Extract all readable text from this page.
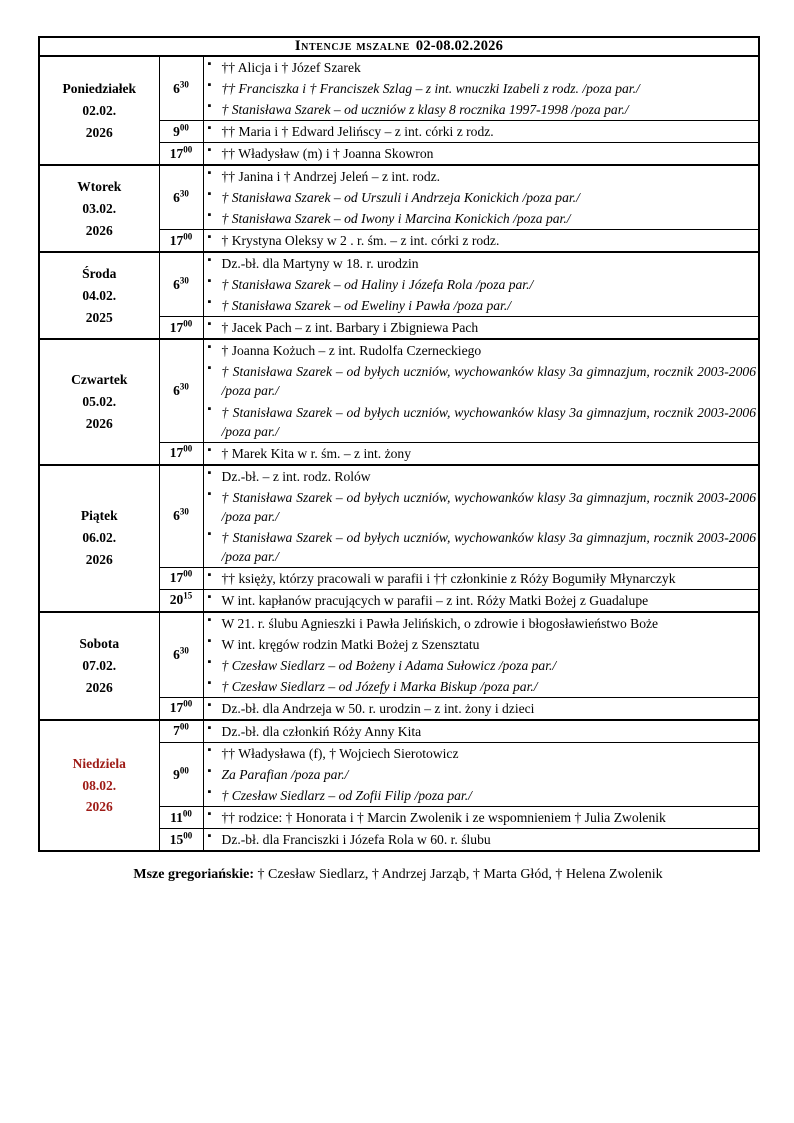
Intencje mszalne 02-08.02.2026		

Poniedziałek
02.02.
2026
	$6^{30}$	
▪ †† Alicja i † Józef Szarek
▪ †† Franciszka i † Franciszek Szlag – z int. wnuczki Izabeli z rodz. /poza par./
▪ † Stanisława Szarek – od uczniów z klasy 8 rocznika 1997-1998 /poza par./

$9^{00}$	
▪†† Maria i † Edward Jelińscy – z int. córki z rodz.

$17^{00}$	
▪†† Władysław (m) i † Joanna Skowron

Wtorek
03.02.
2026
	$6^{30}$	
▪ †† Janina i † Andrzej Jeleń – z int. rodz.
▪ † Stanisława Szarek – od Urszuli i Andrzeja Konickich /poza par./
▪ † Stanisława Szarek – od Iwony i Marcina Konickich /poza par./

$17^{00}$	
▪† Krystyna Oleksy w 2 . r. śm. – z int. córki z rodz.

Środa
04.02.
2025
	$6^{30}$	
▪ Dz.-bł. dla Martyny w 18. r. urodzin
▪ † Stanisława Szarek – od Haliny i Józefa Rola /poza par./
▪ † Stanisława Szarek – od Eweliny i Pawła /poza par./

$17^{00}$	
▪† Jacek Pach – z int. Barbary i Zbigniewa Pach

Czwartek
05.02.
2026
	$6^{30}$	
▪ † Joanna Kożuch – z int. Rudolfa Czerneckiego
▪ † Stanisława Szarek – od byłych uczniów, wychowanków klasy 3a gimnazjum, rocznik 2003-2006 /poza par./
▪ † Stanisława Szarek – od byłych uczniów, wychowanków klasy 3a gimnazjum, rocznik 2003-2006 /poza par./

$17^{00}$	
▪† Marek Kita w r. śm. – z int. żony

Piątek
06.02.
2026
	$6^{30}$	
▪ Dz.-bł. – z int. rodz. Rolów
▪ † Stanisława Szarek – od byłych uczniów, wychowanków klasy 3a gimnazjum, rocznik 2003-2006 /poza par./
▪ † Stanisława Szarek – od byłych uczniów, wychowanków klasy 3a gimnazjum, rocznik 2003-2006 /poza par./

$17^{00}$	
▪†† księży, którzy pracowali w parafii i †† członkinie z Róży Bogumiły Młynarczyk

$20^{15}$	
▪W int. kapłanów pracujących w parafii – z int. Róży Matki Bożej z Guadalupe

Sobota
07.02.
2026
	$6^{30}$	
▪ W 21. r. ślubu Agnieszki i Pawła Jelińskich, o zdrowie i błogosławieństwo Boże
▪ W int. kręgów rodzin Matki Bożej z Szensztatu
▪ † Czesław Siedlarz – od Bożeny i Adama Sułowicz /poza par./
▪ † Czesław Siedlarz – od Józefy i Marka Biskup /poza par./

$17^{00}$	
▪Dz.-bł. dla Andrzeja w 50. r. urodzin – z int. żony i dzieci

Niedziela
08.02.
2026
	$7^{00}$	
▪Dz.-bł. dla członkiń Róży Anny Kita

$9^{00}$	
▪ †† Władysława (f), † Wojciech Sierotowicz
▪ Za Parafian /poza par./
▪ † Czesław Siedlarz – od Zofii Filip /poza par./

$11^{00}$	
▪†† rodzice: † Honorata i † Marcin Zwolenik i ze wspomnieniem † Julia Zwolenik

$15^{00}$	
▪Dz.-bł. dla Franciszki i Józefa Rola w 60. r. ślubu
Msze gregoriańskie: † Czesław Siedlarz, † Andrzej Jarząb, † Marta Głód, † Helena Zwolenik
